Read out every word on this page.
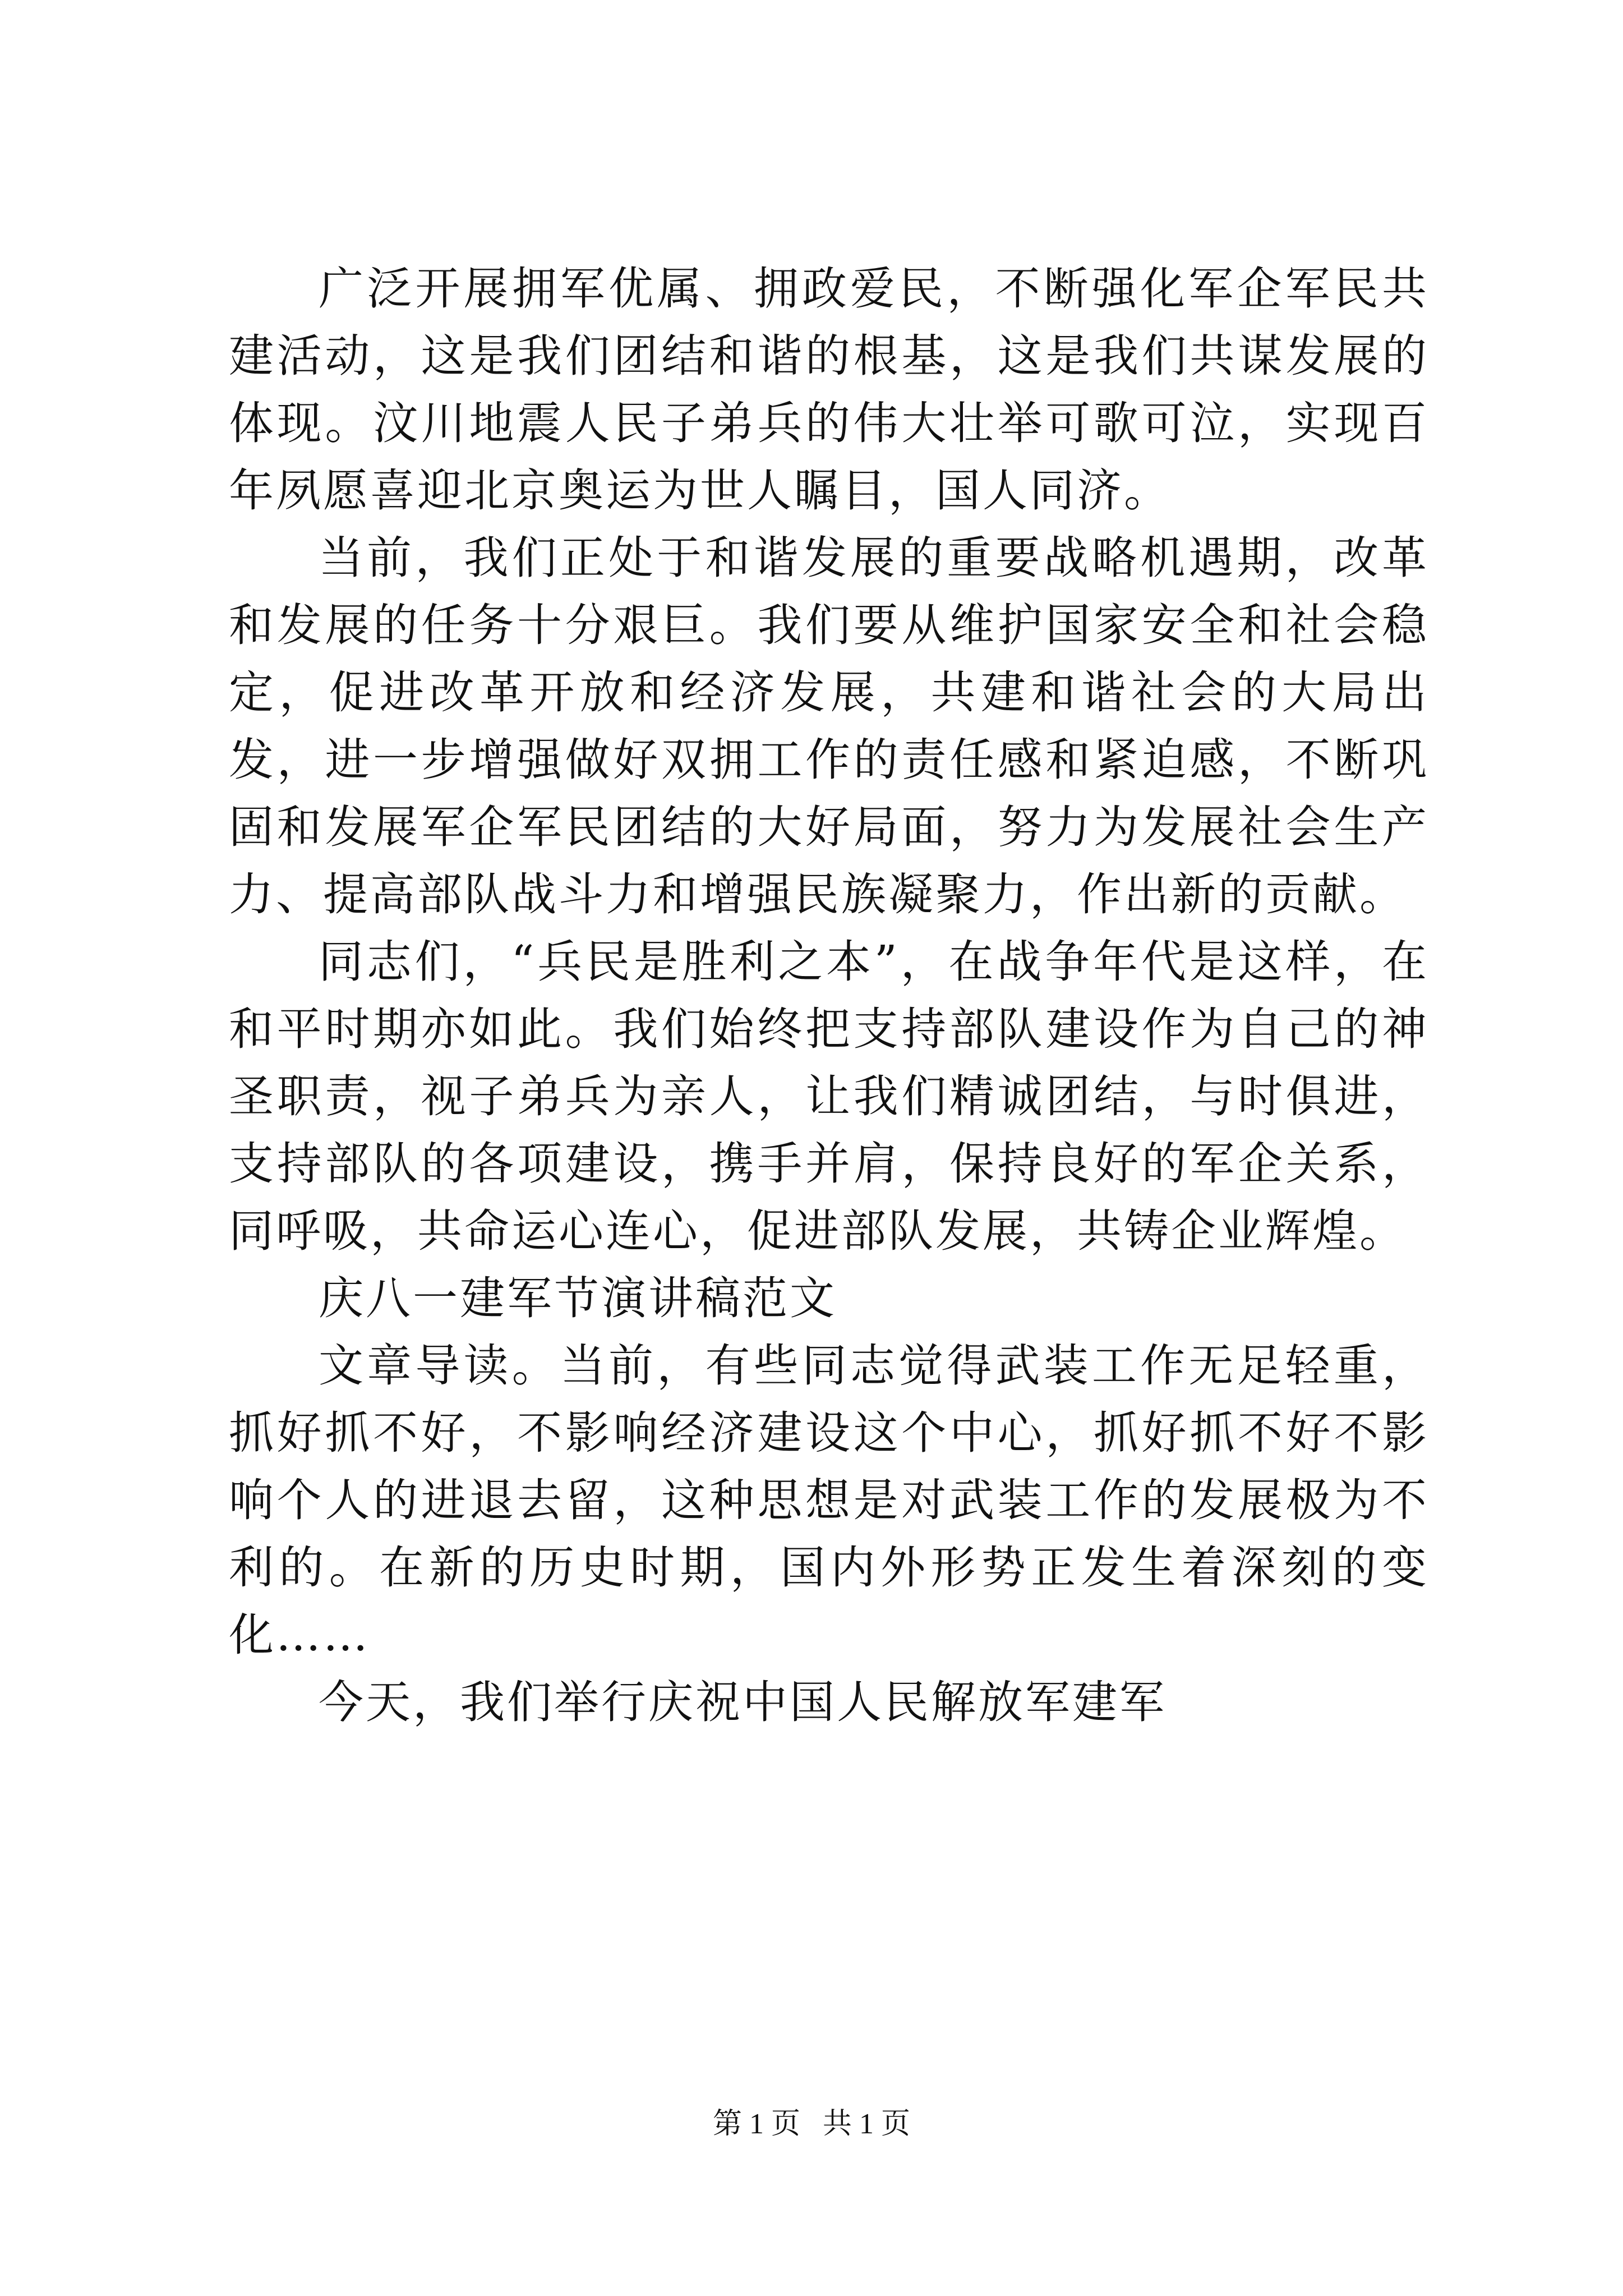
广泛开展拥军优属、拥政爱民，不断强化军企军民共建活动，这是我们团结和谐的根基，这是我们共谋发展的体现。汶川地震人民子弟兵的伟大壮举可歌可泣，实现百年夙愿喜迎北京奥运为世人瞩目，国人同济。

当前，我们正处于和谐发展的重要战略机遇期，改革和发展的任务十分艰巨。我们要从维护国家安全和社会稳定，促进改革开放和经济发展，共建和谐社会的大局出发，进一步增强做好双拥工作的责任感和紧迫感，不断巩固和发展军企军民团结的大好局面，努力为发展社会生产力、提高部队战斗力和增强民族凝聚力，作出新的贡献。

同志们，“兵民是胜利之本”，在战争年代是这样，在和平时期亦如此。我们始终把支持部队建设作为自己的神圣职责，视子弟兵为亲人，让我们精诚团结，与时俱进，支持部队的各项建设，携手并肩，保持良好的军企关系，同呼吸，共命运心连心，促进部队发展，共铸企业辉煌。

庆八一建军节演讲稿范文

文章导读。当前，有些同志觉得武装工作无足轻重，抓好抓不好，不影响经济建设这个中心，抓好抓不好不影响个人的进退去留，这种思想是对武装工作的发展极为不利的。在新的历史时期，国内外形势正发生着深刻的变化……

今天，我们举行庆祝中国人民解放军建军

第 1 页 共 1 页
